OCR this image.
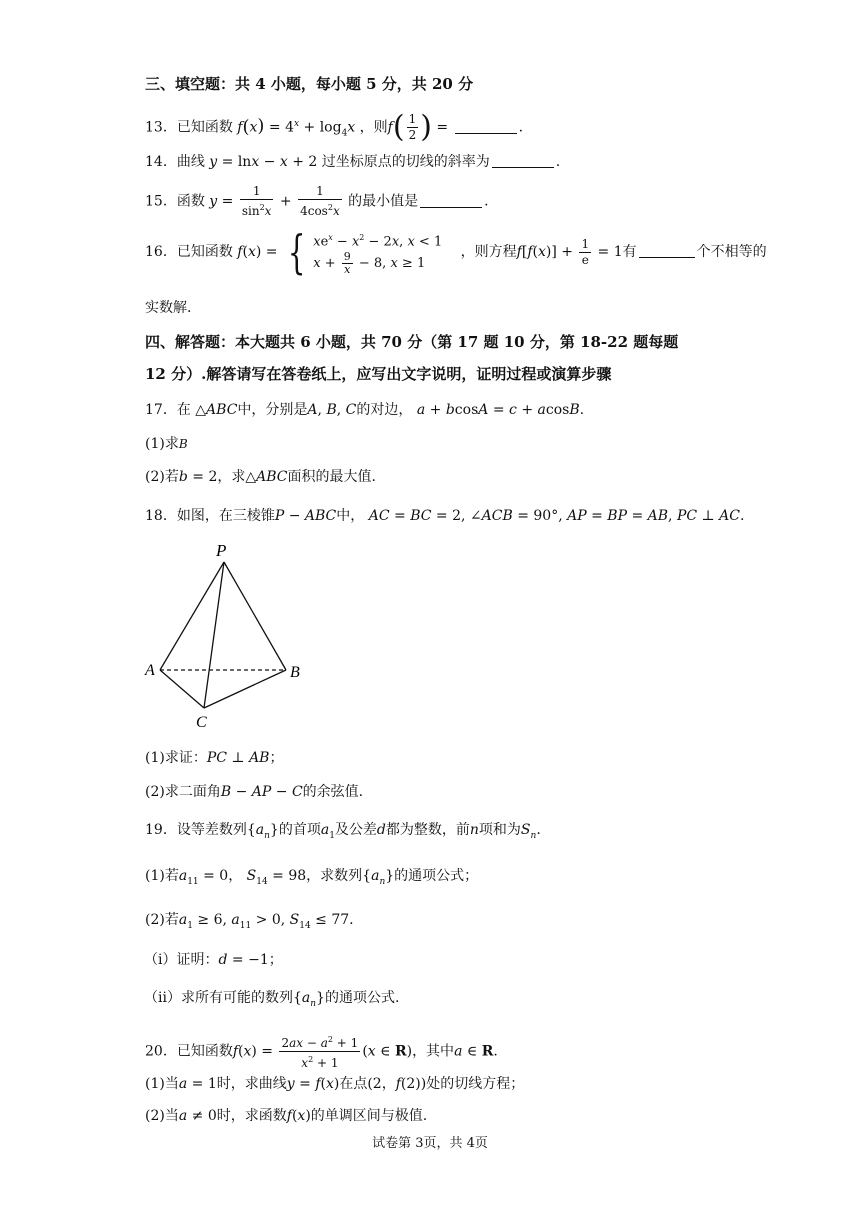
三、填空题：共 4 小题，每小题 5 分，共 20 分
13．已知函数 $f(x) = 4^x + \log_4x$ ，则$f( \frac{1}{2}$ ) =	.
14．曲线 y = lnx − x + 2 过坐标原点的切线的斜率为	.
15．函数 $y = \frac{1}{\sin^2x} + \frac{1}{4\cos^2x}$ 的最小值是	.
16．已知函数 f(x) = { $xe^x - x^2 - 2x$, x < 1
$x + \frac{9}{x} - 8$, x ≥ 1
，则方程$f[f(x)] + \frac{1}{e} = 1$有	个不相等的
实数解.
四、解答题：本大题共 6 小题，共 70 分（第 17 题 10 分，第 18-22 题每题
12 分）.解答请写在答卷纸上，应写出文字说明，证明过程或演算步骤
17．在 △ABC中，分别是A, B, C的对边， a + bcosA = c + acosB.
(1)求B
(2)若b = 2，求△ABC面积的最大值.
18．如图，在三棱锥P − ABC中， AC = BC = 2, ∠ACB = 90°, AP = BP = AB, PC ⊥ AC.
P
A	B
C
(1)求证：PC ⊥ AB；
(2)求二面角B − AP − C的余弦值.
19．设等差数列$\{a_n\}$的首项$a_1$及公差d都为整数，前n项和为$S_n$.
(1)若$a_{11} = 0$， $S_{14} = 98$，求数列$\{a_n\}$的通项公式；
(2)若$a_1 \ge 6$, $a_{11} > 0$, $S_{14} \le 77$.
（i）证明：d = −1；
（ii）求所有可能的数列$\{a_n\}$的通项公式.
20．已知函数$f(x) = \frac{2ax - a^2 + 1}{x^2 + 1} (x$ ∈ R)，其中a ∈ R.
(1)当a = 1时，求曲线y = f(x)在点(2，f(2))处的切线方程；
(2)当a ≠ 0时，求函数f(x)的单调区间与极值.
试卷第 3页，共 4页
